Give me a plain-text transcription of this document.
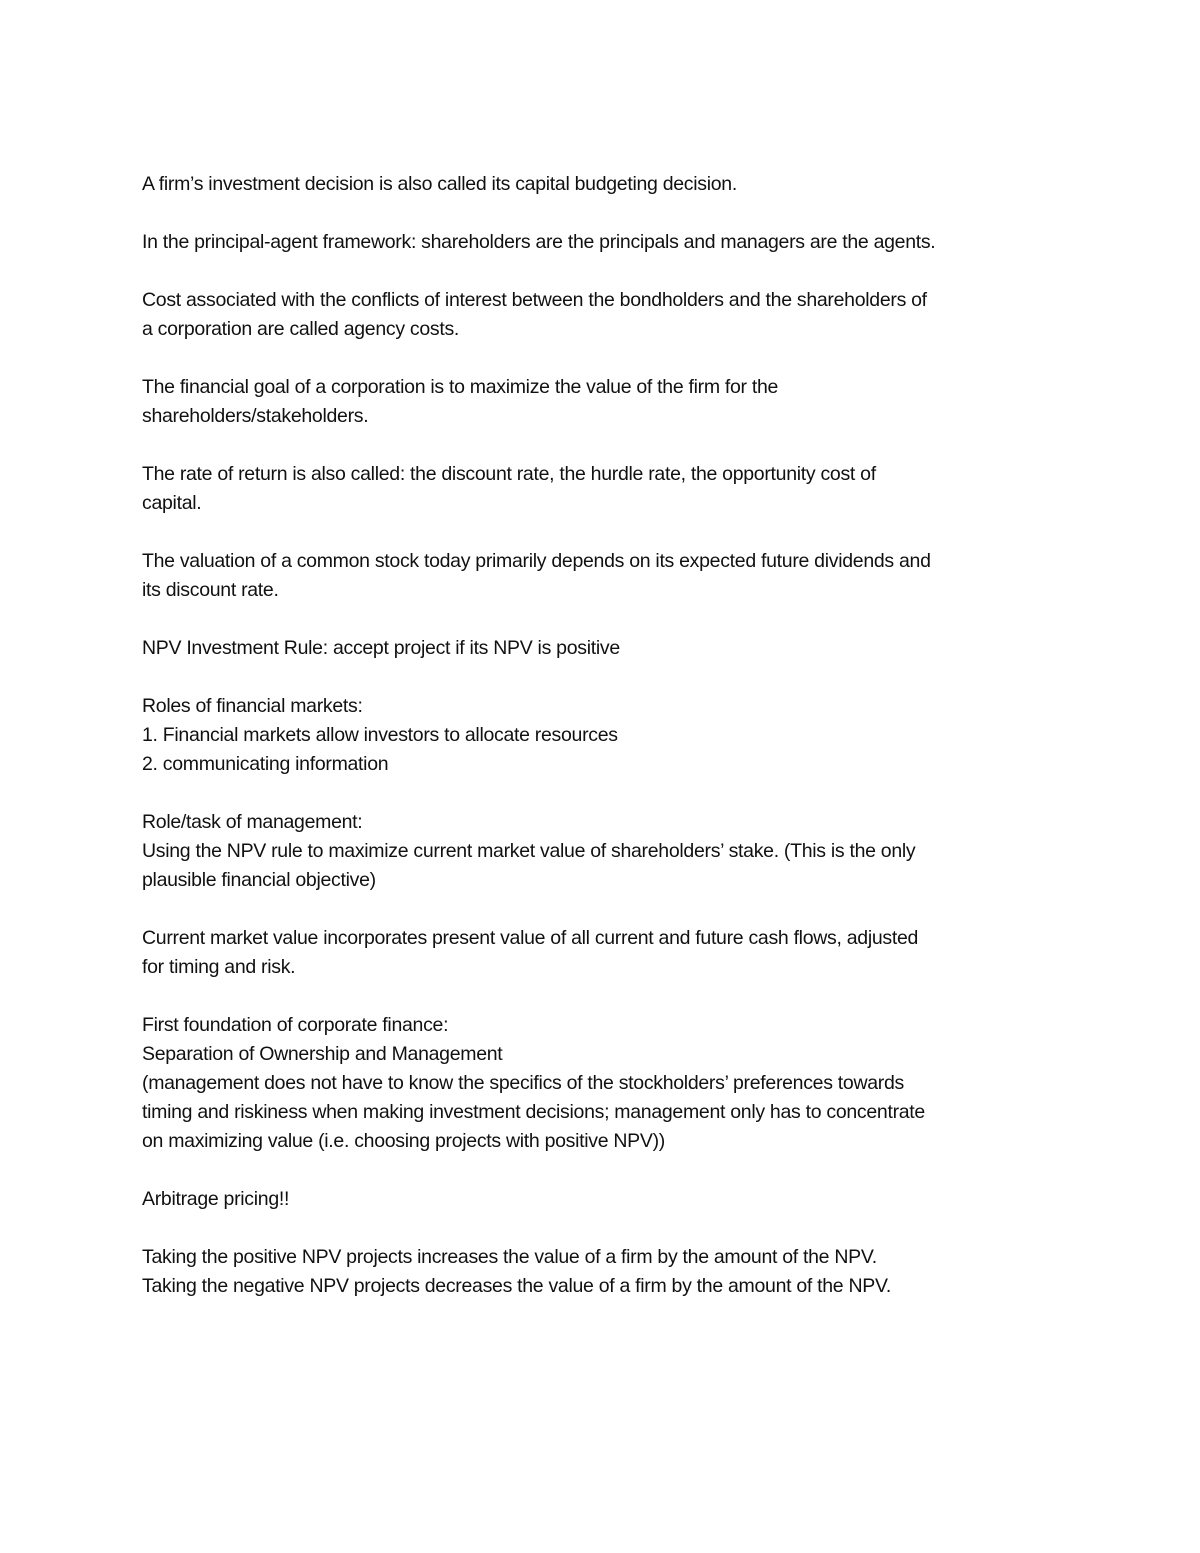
A firm’s investment decision is also called its capital budgeting decision.

In the principal-agent framework: shareholders are the principals and managers are the agents.

Cost associated with the conflicts of interest between the bondholders and the shareholders of
a corporation are called agency costs.

The financial goal of a corporation is to maximize the value of the firm for the
shareholders/stakeholders.

The rate of return is also called: the discount rate, the hurdle rate, the opportunity cost of
capital.

The valuation of a common stock today primarily depends on its expected future dividends and
its discount rate.

NPV Investment Rule: accept project if its NPV is positive

Roles of financial markets:
1. Financial markets allow investors to allocate resources
2. communicating information

Role/task of management:
Using the NPV rule to maximize current market value of shareholders’ stake. (This is the only
plausible financial objective)

Current market value incorporates present value of all current and future cash flows, adjusted
for timing and risk.

First foundation of corporate finance:
Separation of Ownership and Management
(management does not have to know the specifics of the stockholders’ preferences towards
timing and riskiness when making investment decisions; management only has to concentrate
on maximizing value (i.e. choosing projects with positive NPV))

Arbitrage pricing!!

Taking the positive NPV projects increases the value of a firm by the amount of the NPV.
Taking the negative NPV projects decreases the value of a firm by the amount of the NPV.
